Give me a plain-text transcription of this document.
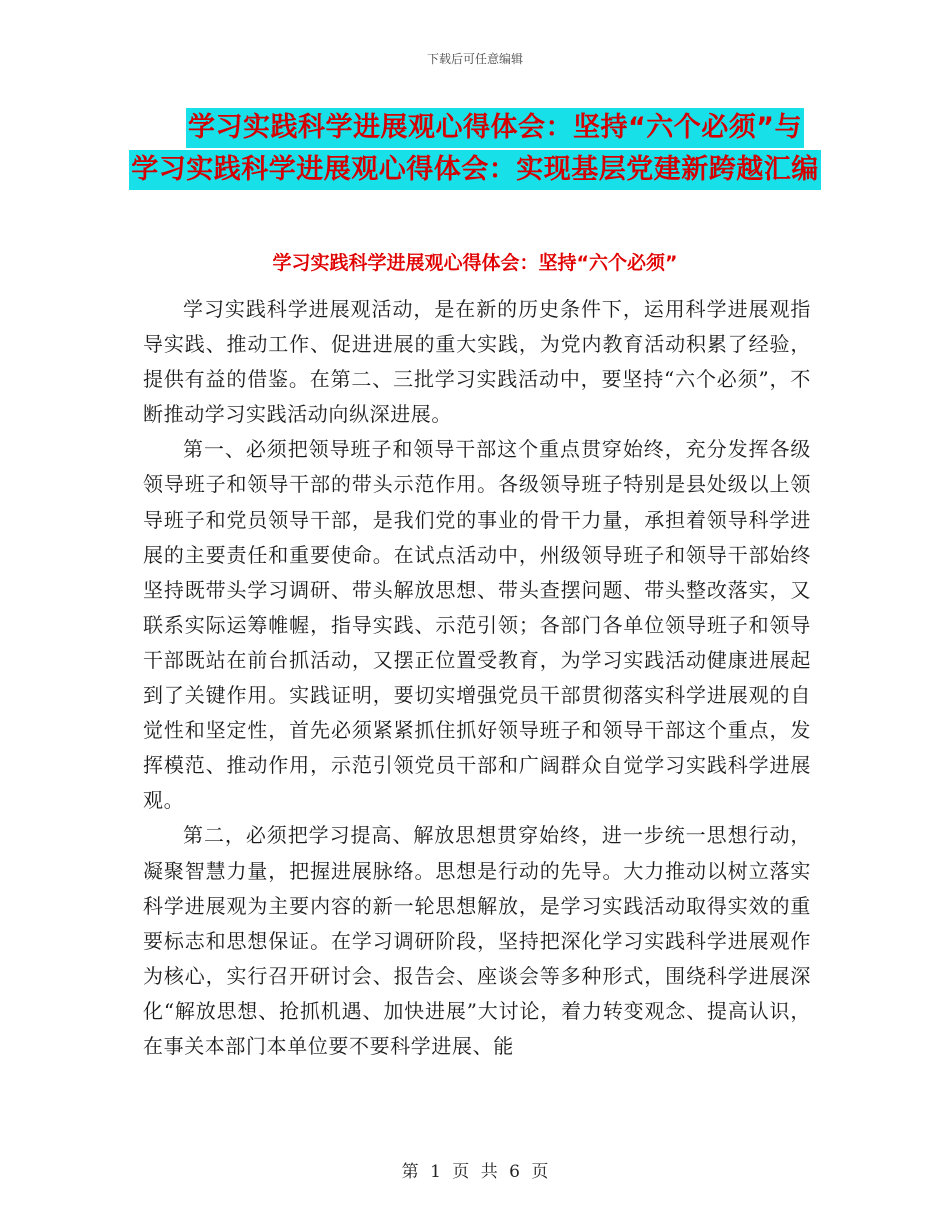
下载后可任意编辑
学习实践科学进展观心得体会：坚持“六个必须”与
学习实践科学进展观心得体会：实现基层党建新跨越汇编
学习实践科学进展观心得体会：坚持“六个必须”

学习实践科学进展观活动，是在新的历史条件下，运用科学进展观指导实践、推动工作、促进进展的重大实践，为党内教育活动积累了经验，提供有益的借鉴。在第二、三批学习实践活动中，要坚持“六个必须”，不断推动学习实践活动向纵深进展。

第一、必须把领导班子和领导干部这个重点贯穿始终，充分发挥各级领导班子和领导干部的带头示范作用。各级领导班子特别是县处级以上领导班子和党员领导干部，是我们党的事业的骨干力量，承担着领导科学进展的主要责任和重要使命。在试点活动中，州级领导班子和领导干部始终坚持既带头学习调研、带头解放思想、带头查摆问题、带头整改落实，又联系实际运筹帷幄，指导实践、示范引领；各部门各单位领导班子和领导干部既站在前台抓活动，又摆正位置受教育，为学习实践活动健康进展起到了关键作用。实践证明，要切实增强党员干部贯彻落实科学进展观的自觉性和坚定性，首先必须紧紧抓住抓好领导班子和领导干部这个重点，发挥模范、推动作用，示范引领党员干部和广阔群众自觉学习实践科学进展观。

第二，必须把学习提高、解放思想贯穿始终，进一步统一思想行动，凝聚智慧力量，把握进展脉络。思想是行动的先导。大力推动以树立落实科学进展观为主要内容的新一轮思想解放，是学习实践活动取得实效的重要标志和思想保证。在学习调研阶段，坚持把深化学习实践科学进展观作为核心，实行召开研讨会、报告会、座谈会等多种形式，围绕科学进展深化“解放思想、抢抓机遇、加快进展”大讨论，着力转变观念、提高认识，在事关本部门本单位要不要科学进展、能

第 1 页 共 6 页
